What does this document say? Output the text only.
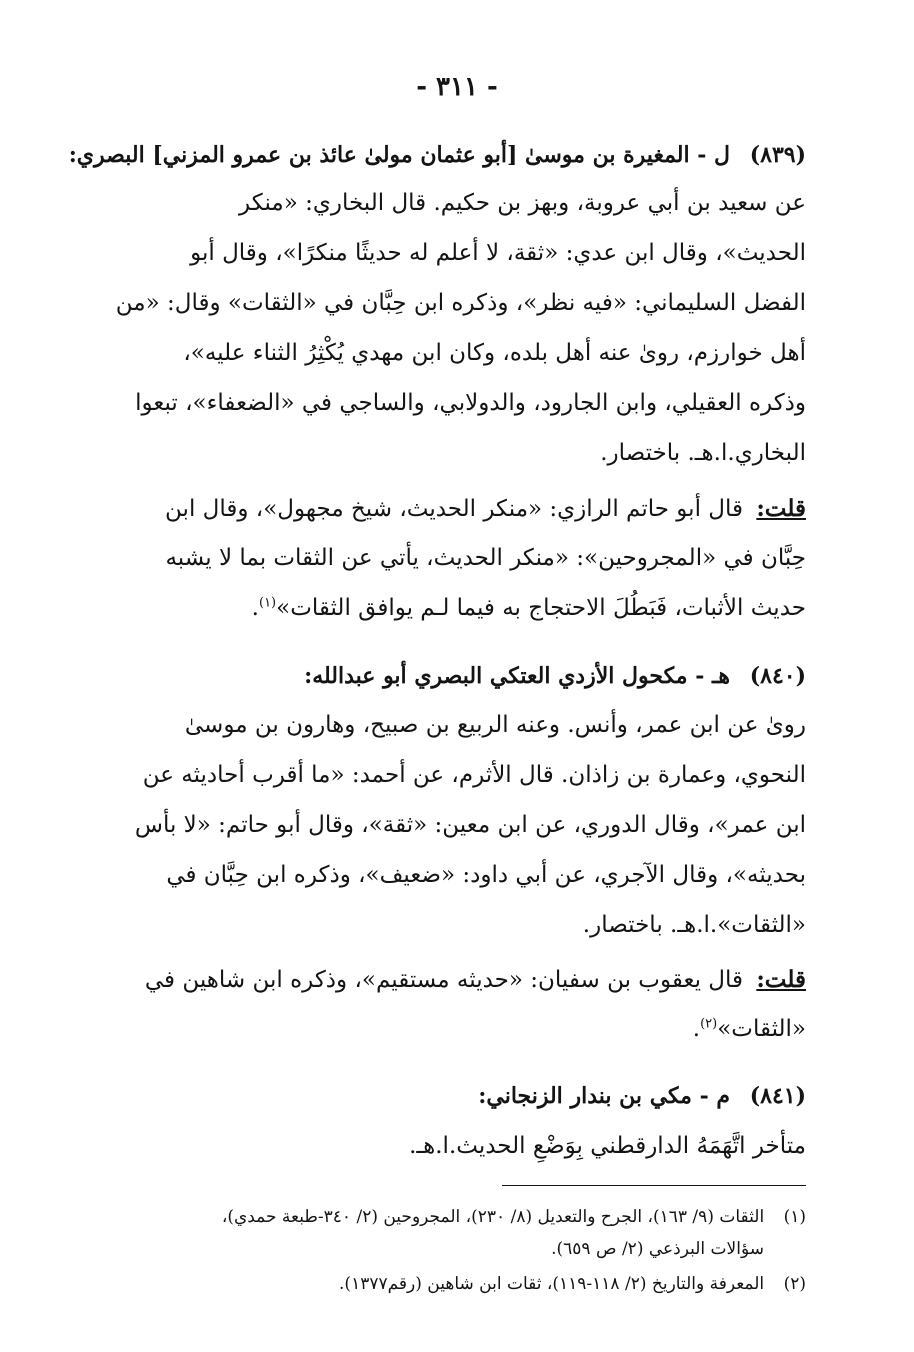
- ٣١١ -
(٨٣٩) ل - المغيرة بن موسىٰ [أبو عثمان مولىٰ عائذ بن عمرو المزني] البصري:
عن سعيد بن أبي عروبة، وبهز بن حكيم. قال البخاري: «منكر
الحديث»، وقال ابن عدي: «ثقة، لا أعلم له حديثًا منكرًا»، وقال أبو
الفضل السليماني: «فيه نظر»، وذكره ابن حِبَّان في «الثقات» وقال: «من
أهل خوارزم، روىٰ عنه أهل بلده، وكان ابن مهدي يُكْثِرُ الثناء عليه»،
وذكره العقيلي، وابن الجارود، والدولابي، والساجي في «الضعفاء»، تبعوا
البخاري.ا.هـ. باختصار.
قلت: قال أبو حاتم الرازي: «منكر الحديث، شيخ مجهول»، وقال ابن
حِبَّان في «المجروحين»: «منكر الحديث، يأتي عن الثقات بما لا يشبه
حديث الأثبات، فَبَطُلَ الاحتجاج به فيما لـم يوافق الثقات»$^{(١)}$.
(٨٤٠) هـ - مكحول الأزدي العتكي البصري أبو عبدالله:
روىٰ عن ابن عمر، وأنس. وعنه الربيع بن صبيح، وهارون بن موسىٰ
النحوي، وعمارة بن زاذان. قال الأثرم، عن أحمد: «ما أقرب أحاديثه عن
ابن عمر»، وقال الدوري، عن ابن معين: «ثقة»، وقال أبو حاتم: «لا بأس
بحديثه»، وقال الآجري، عن أبي داود: «ضعيف»، وذكره ابن حِبَّان في
«الثقات».ا.هـ. باختصار.
قلت: قال يعقوب بن سفيان: «حديثه مستقيم»، وذكره ابن شاهين في
«الثقات»$^{(٢)}$.
(٨٤١) م - مكي بن بندار الزنجاني:
متأخر اتَّهَمَهُ الدارقطني بِوَضْعِ الحديث.ا.هـ.
(١) الثقات (٩/ ١٦٣)، الجرح والتعديل (٨/ ٢٣٠)، المجروحين (٢/ ٣٤٠-طبعة حمدي)،
سؤالات البرذعي (٢/ ص ٦٥٩).
(٢) المعرفة والتاريخ (٢/ ١١٨-١١٩)، ثقات ابن شاهين (رقم١٣٧٧).
